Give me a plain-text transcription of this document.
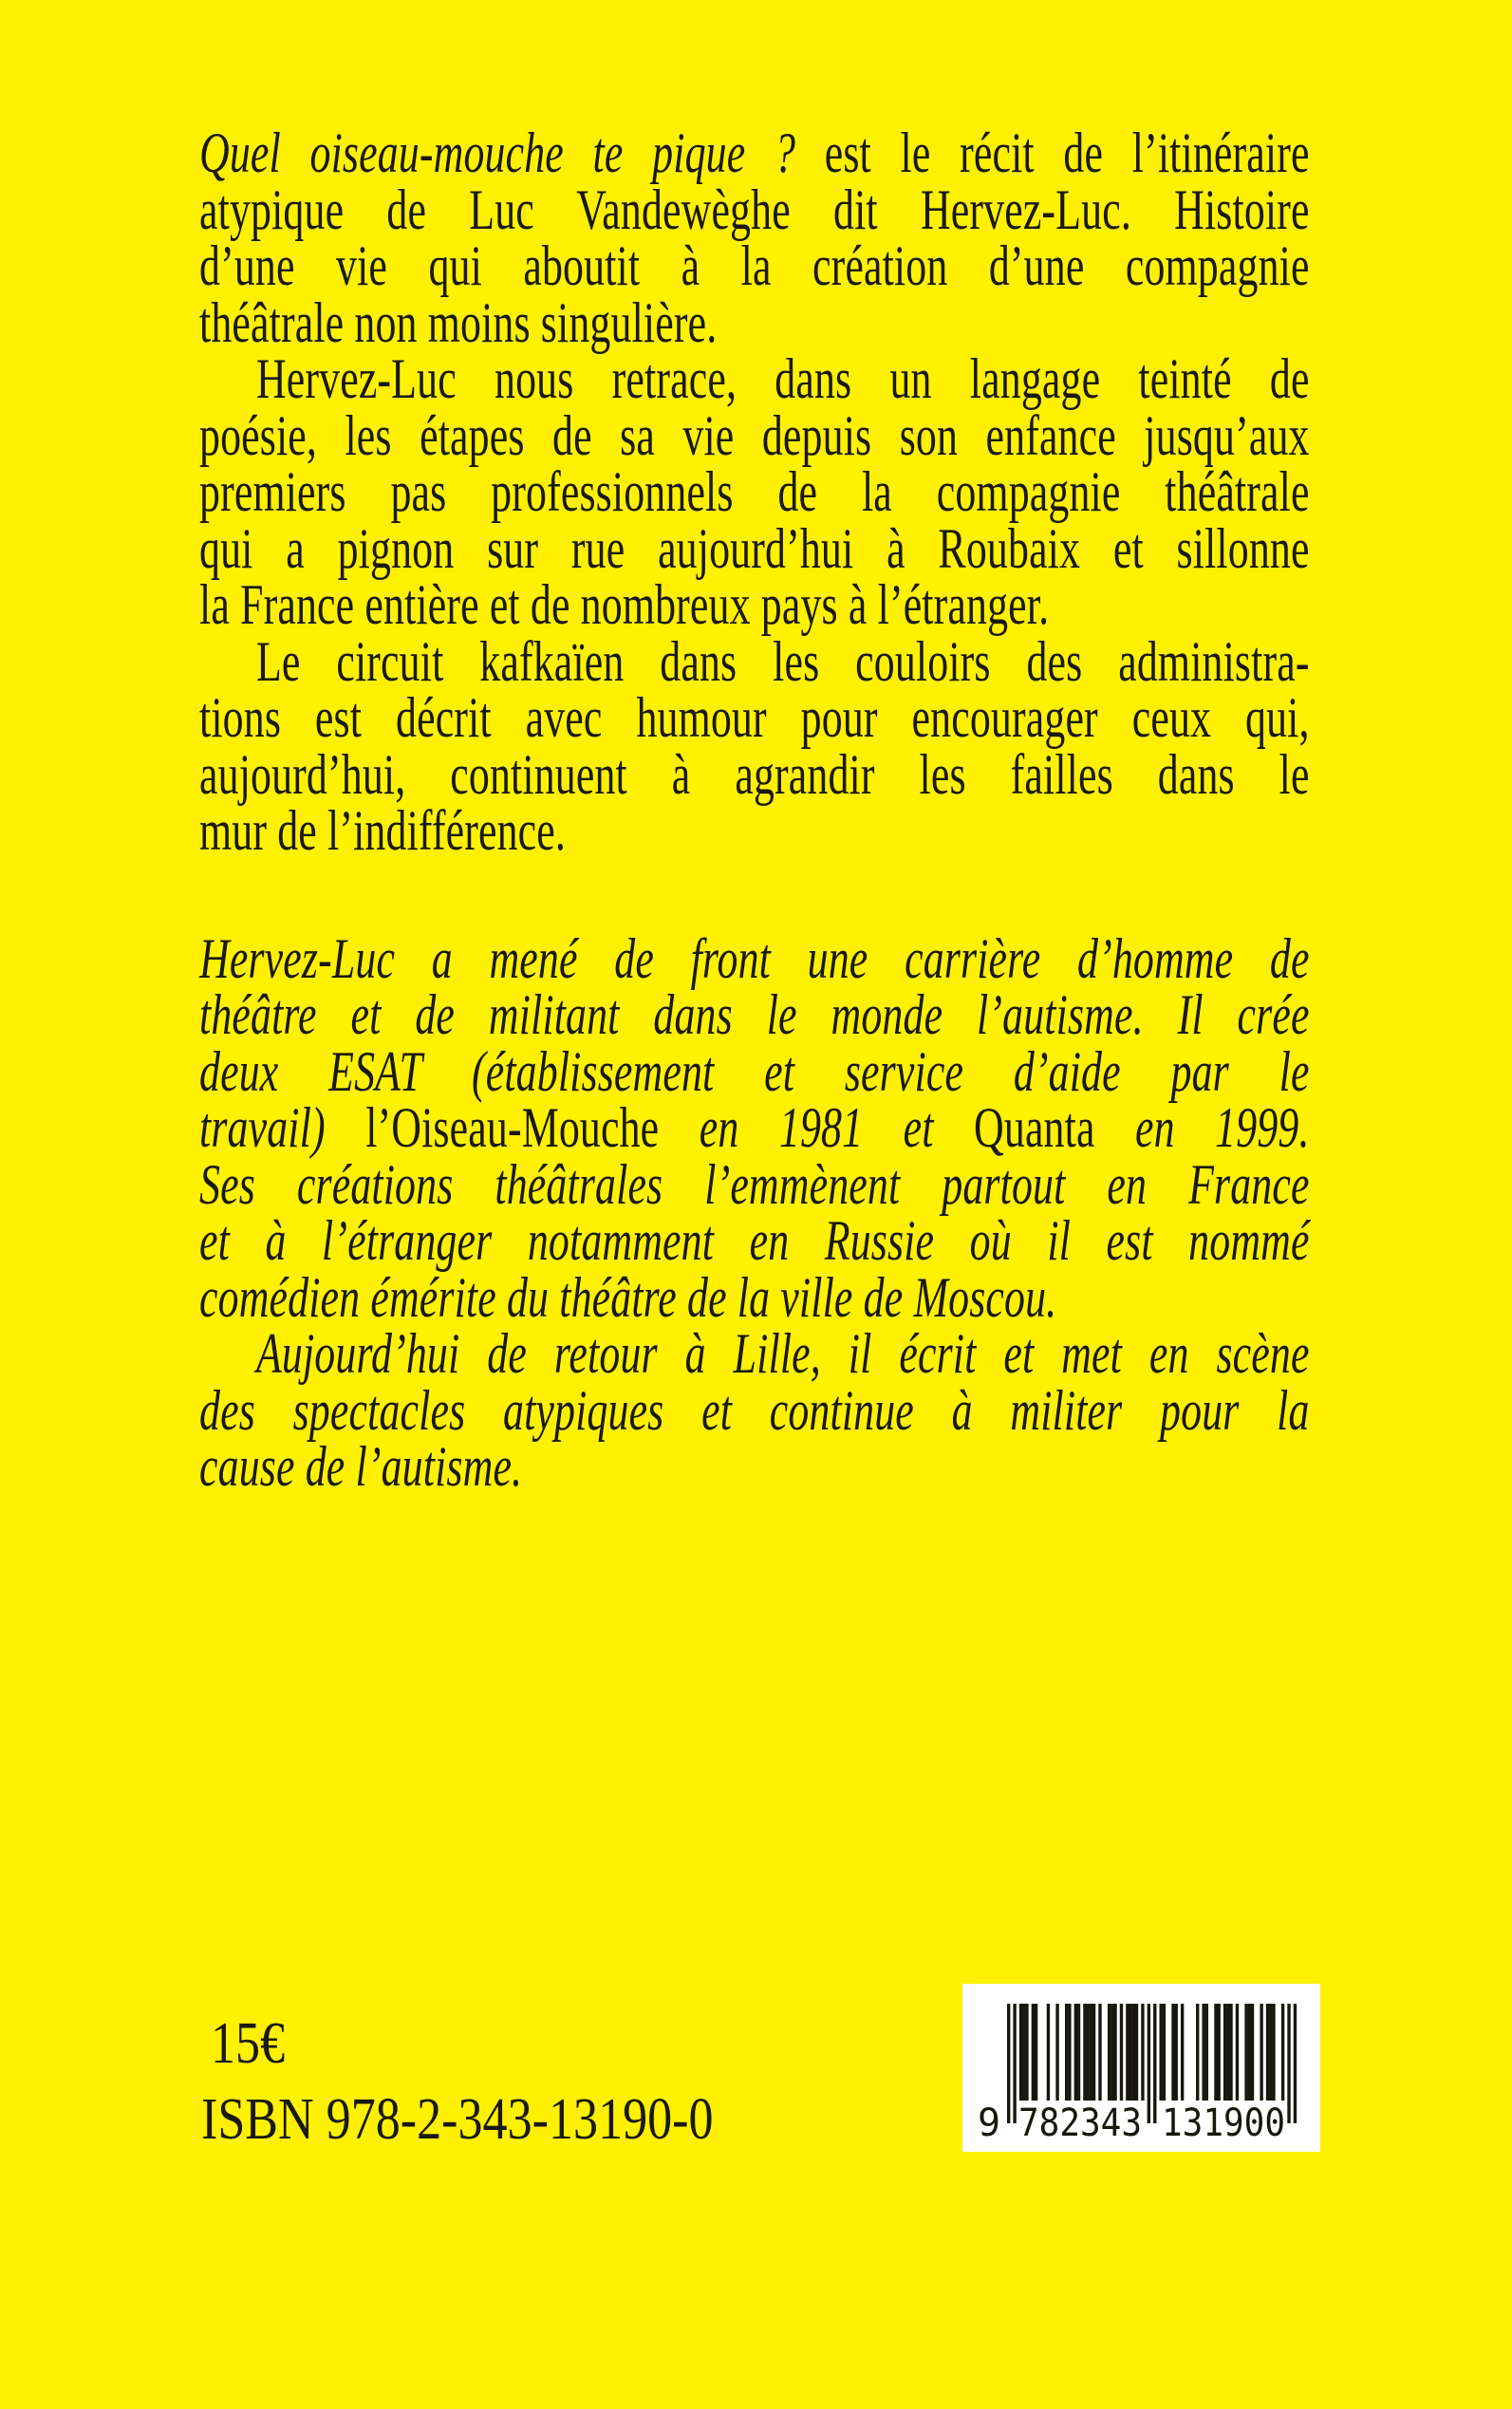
Quel oiseau-mouche te pique ? est le récit de l’itinéraire
atypique de Luc Vandewèghe dit Hervez-Luc. Histoire
d’une vie qui aboutit à la création d’une compagnie
théâtrale non moins singulière.
Hervez-Luc nous retrace, dans un langage teinté de
poésie, les étapes de sa vie depuis son enfance jusqu’aux
premiers pas professionnels de la compagnie théâtrale
qui a pignon sur rue aujourd’hui à Roubaix et sillonne
la France entière et de nombreux pays à l’étranger.
Le circuit kafkaïen dans les couloirs des administra-
tions est décrit avec humour pour encourager ceux qui,
aujourd’hui, continuent à agrandir les failles dans le
mur de l’indifférence.
Hervez-Luc a mené de front une carrière d’homme de
théâtre et de militant dans le monde l’autisme. Il crée
deux ESAT (établissement et service d’aide par le
travail) l’Oiseau-Mouche en 1981 et Quanta en 1999.
Ses créations théâtrales l’emmènent partout en France
et à l’étranger notamment en Russie où il est nommé
comédien émérite du théâtre de la ville de Moscou.
Aujourd’hui de retour à Lille, il écrit et met en scène
des spectacles atypiques et continue à militer pour la
cause de l’autisme.
15€
ISBN 978-2-343-13190-0	9 782343 131900
